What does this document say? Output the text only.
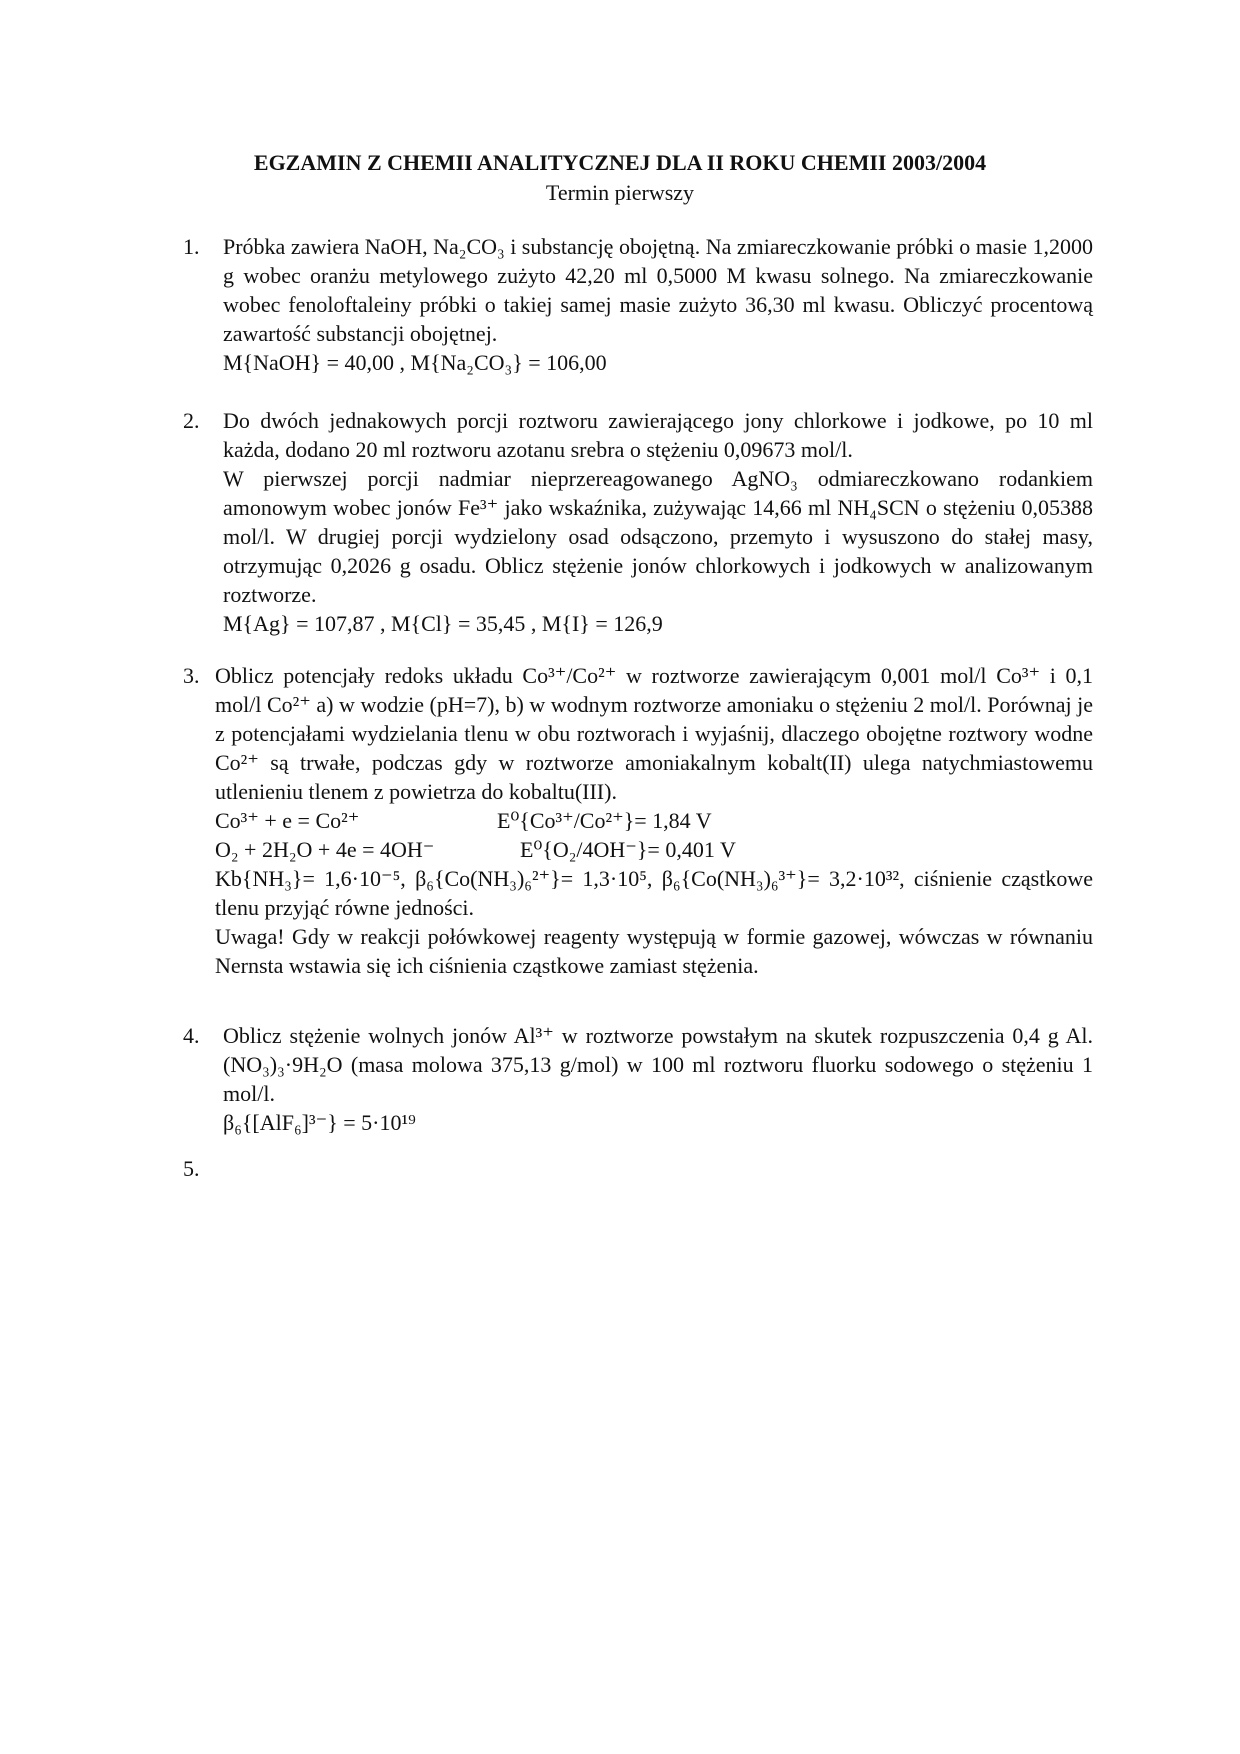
EGZAMIN Z CHEMII ANALITYCZNEJ DLA II ROKU CHEMII 2003/2004
Termin pierwszy
1. Próbka zawiera NaOH, Na₂CO₃ i substancję obojętną. Na zmiareczkowanie próbki o masie 1,2000 g wobec oranżu metylowego zużyto 42,20 ml 0,5000 M kwasu solnego. Na zmiareczkowanie wobec fenoloftaleiny próbki o takiej samej masie zużyto 36,30 ml kwasu. Obliczyć procentową zawartość substancji obojętnej.
M{NaOH} = 40,00 , M{Na₂CO₃} = 106,00
2. Do dwóch jednakowych porcji roztworu zawierającego jony chlorkowe i jodkowe, po 10 ml każda, dodano 20 ml roztworu azotanu srebra o stężeniu 0,09673 mol/l.
W pierwszej porcji nadmiar nieprzereagowanego AgNO₃ odmiareczkowano rodankiem amonowym wobec jonów Fe³⁺ jako wskaźnika, zużywając 14,66 ml NH₄SCN o stężeniu 0,05388 mol/l. W drugiej porcji wydzielony osad odsączono, przemyto i wysuszono do stałej masy, otrzymując 0,2026 g osadu. Oblicz stężenie jonów chlorkowych i jodkowych w analizowanym roztworze.
M{Ag} = 107,87 , M{Cl} = 35,45 , M{I} = 126,9
3. Oblicz potencjały redoks układu Co³⁺/Co²⁺ w roztworze zawierającym 0,001 mol/l Co³⁺ i 0,1 mol/l Co²⁺ a) w wodzie (pH=7), b) w wodnym roztworze amoniaku o stężeniu 2 mol/l. Porównaj je z potencjałami wydzielania tlenu w obu roztworach i wyjaśnij, dlaczego obojętne roztwory wodne Co²⁺ są trwałe, podczas gdy w roztworze amoniakalnym kobalt(II) ulega natychmiastowemu utlenieniu tlenem z powietrza do kobaltu(III).
Co³⁺ + e = Co²⁺	E⁰{Co³⁺/Co²⁺}= 1,84 V
O₂ + 2H₂O + 4e = 4OH⁻	E⁰{O₂/4OH⁻}= 0,401 V
Kb{NH₃}= 1,6·10⁻⁵, β₆{Co(NH₃)₆²⁺}= 1,3·10⁵, β₆{Co(NH₃)₆³⁺}= 3,2·10³², ciśnienie cząstkowe tlenu przyjąć równe jedności.
Uwaga! Gdy w reakcji połówkowej reagenty występują w formie gazowej, wówczas w równaniu Nernsta wstawia się ich ciśnienia cząstkowe zamiast stężenia.
4. Oblicz stężenie wolnych jonów Al³⁺ w roztworze powstałym na skutek rozpuszczenia 0,4 g Al.(NO₃)₃·9H₂O (masa molowa 375,13 g/mol) w 100 ml roztworu fluorku sodowego o stężeniu 1 mol/l.
β₆{[AlF₆]³⁻} = 5·10¹⁹
5.
